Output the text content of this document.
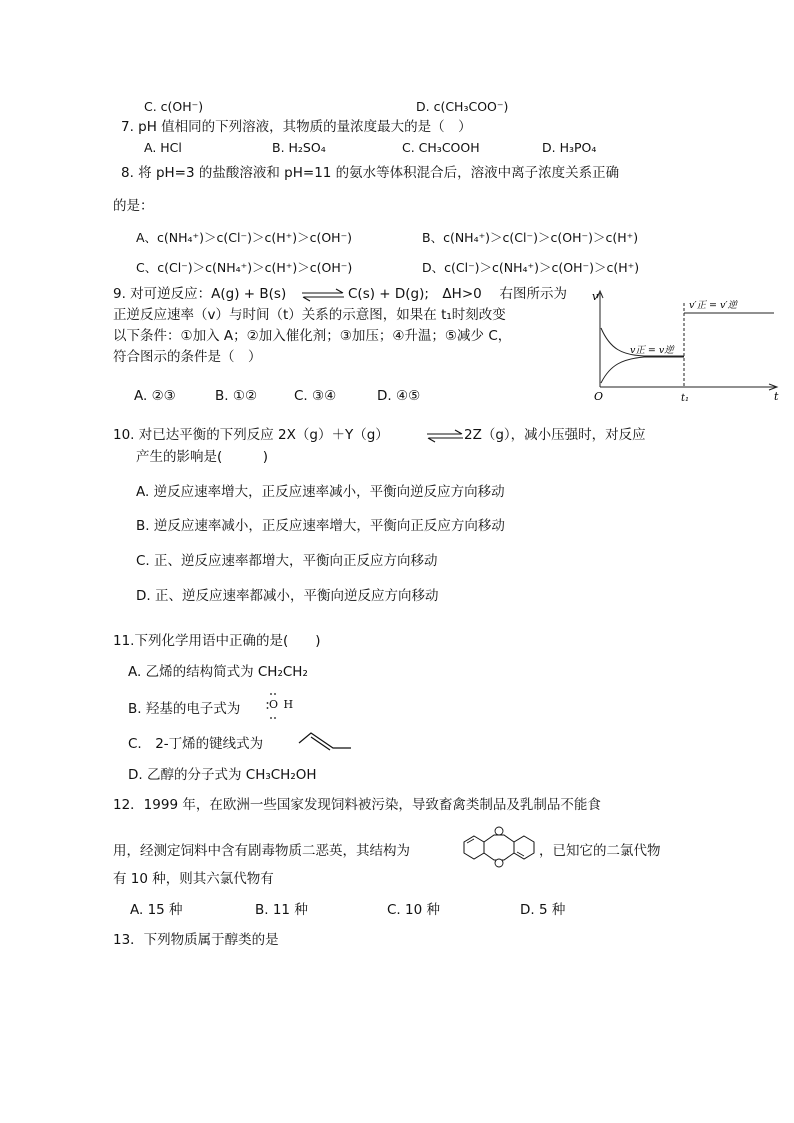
C. c(OH⁻)	D. c(CH₃COO⁻)
7. pH 值相同的下列溶液，其物质的量浓度最大的是（　）
A. HCl	B. H₂SO₄	C. CH₃COOH	D. H₃PO₄
8. 将 pH=3 的盐酸溶液和 pH=11 的氨水等体积混合后，溶液中离子浓度关系正确
的是：
A、c(NH₄⁺)＞c(Cl⁻)＞c(H⁺)＞c(OH⁻)	B、c(NH₄⁺)＞c(Cl⁻)＞c(OH⁻)＞c(H⁺)
C、c(Cl⁻)＞c(NH₄⁺)＞c(H⁺)＞c(OH⁻)	D、c(Cl⁻)＞c(NH₄⁺)＞c(OH⁻)＞c(H⁺)
9. 对可逆反应：A(g) + B(s) ⇌ C(s) + D(g);　ΔH>0　 右图所示为
正逆反应速率（v）与时间（t）关系的示意图，如果在 t₁时刻改变
以下条件：①加入 A；②加入催化剂；③加压；④升温；⑤减少 C，
符合图示的条件是（　）
A. ②③	B. ①②	C. ③④	D. ④⑤
v
t
O	t₁
v正 = v逆
v′正 = v′逆
10. 对已达平衡的下列反应 2X（g）＋Y（g）	⇌ 2Z（g），减小压强时，对反应
产生的影响是(　　　)
A. 逆反应速率增大，正反应速率减小，平衡向逆反应方向移动
B. 逆反应速率减小，正反应速率增大，平衡向正反应方向移动
C. 正、逆反应速率都增大，平衡向正反应方向移动
D. 正、逆反应速率都减小，平衡向逆反应方向移动
11.下列化学用语中正确的是(　　)
A. 乙烯的结构简式为 CH₂CH₂
B. 羟基的电子式为	O H
C.　2-丁烯的键线式为
D. 乙醇的分子式为 CH₃CH₂OH
12．1999 年，在欧洲一些国家发现饲料被污染，导致畜禽类制品及乳制品不能食
用，经测定饲料中含有剧毒物质二恶英，其结构为	，已知它的二氯代物
有 10 种，则其六氯代物有
A. 15 种	B. 11 种	C. 10 种	D. 5 种
13．下列物质属于醇类的是
